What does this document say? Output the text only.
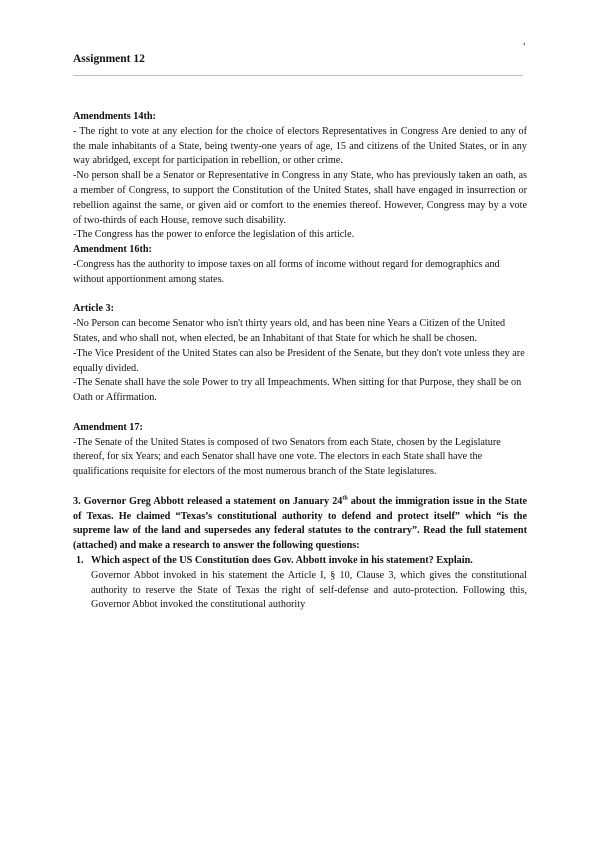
,
Assignment 12

Amendments 14th:

- The right to vote at any election for the choice of electors Representatives in Congress Are denied to any of the male inhabitants of a State, being twenty-one years of age, 15 and citizens of the United States, or in any way abridged, except for participation in rebellion, or other crime.

-No person shall be a Senator or Representative in Congress in any State, who has previously taken an oath, as a member of Congress, to support the Constitution of the United States, shall have engaged in insurrection or rebellion against the same, or given aid or comfort to the enemies thereof. However, Congress may by a vote of two-thirds of each House, remove such disability.

-The Congress has the power to enforce the legislation of this article.

Amendment 16th:

-Congress has the authority to impose taxes on all forms of income without regard for demographics and without apportionment among states.

Article 3:

-No Person can become Senator who isn't thirty years old, and has been nine Years a Citizen of the United States, and who shall not, when elected, be an Inhabitant of that State for which he shall be chosen.

-The Vice President of the United States can also be President of the Senate, but they don't vote unless they are equally divided.

-The Senate shall have the sole Power to try all Impeachments. When sitting for that Purpose, they shall be on Oath or Affirmation.

Amendment 17:

-The Senate of the United States is composed of two Senators from each State, chosen by the Legislature thereof, for six Years; and each Senator shall have one vote. The electors in each State shall have the qualifications requisite for electors of the most numerous branch of the State legislatures.

3. Governor Greg Abbott released a statement on January 24th about the immigration issue in the State of Texas. He claimed “Texas’s constitutional authority to defend and protect itself” which “is the supreme law of the land and supersedes any federal statutes to the contrary”. Read the full statement (attached) and make a research to answer the following questions:

1. Which aspect of the US Constitution does Gov. Abbott invoke in his statement? Explain.

Governor Abbot invoked in his statement the Article I, § 10, Clause 3, which gives the constitutional authority to reserve the State of Texas the right of self-defense and auto-protection. Following this, Governor Abbot invoked the constitutional authority
